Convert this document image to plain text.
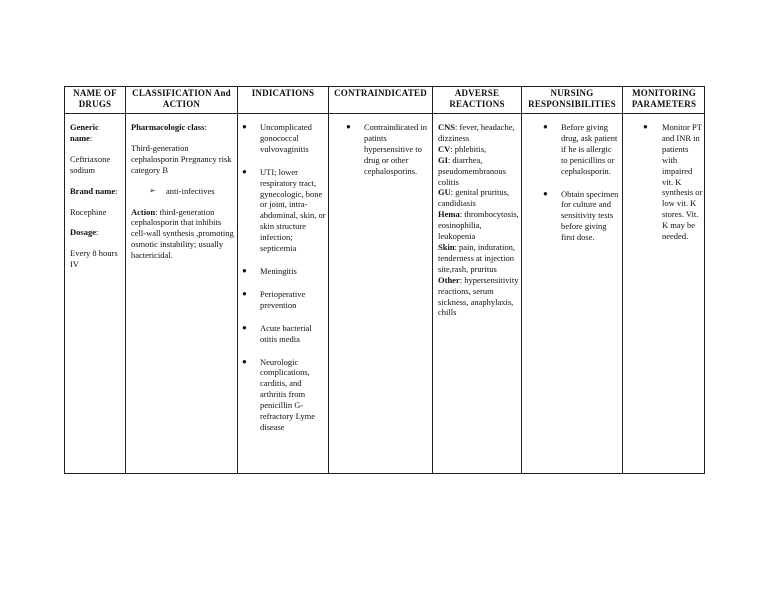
NAME OF DRUGS
CLASSIFICATION And ACTION
INDICATIONS	CONTRAINDICATED	ADVERSE REACTIONS
NURSING RESPONSIBILITIES
MONITORING PARAMETERS
Generic name:
Ceftriaxone sodium
Brand name:
Rocephine
Dosage:
Every 8 hours IV
Pharmacologic class:
Third-generation cephalosporin Pregnancy risk category B
➢ anti-infectives
Action: third-generation cephalosporin that inhibits cell-wall synthesis ,promoting osmotic instability; usually bactericidal.
● Uncomplicated gonococcal vulvovaginitis
● UTI; lower respiratory tract, gynecologic, bone or joint, intra-abdominal, skin, or skin structure infection; septicemia
● Meningitis
● Perioperative prevention
● Acute bacterial otitis media
● Neurologic complications, carditis, and arthritis from penicillin G-refractory Lyme disease
● Contraindicated in patints hypersensitive to drug or other cephalosporins.
CNS: fever, headache, dizziness
CV: phlebitis,
GI: diarrhea, pseudomembranous colitis
GU: genital pruritus, candidiasis
Hema: thrombocytosis, eosinophilia, leukopenia
Skin: pain, induration, tenderness at injection site,rash, pruritus
Other: hypersensitivity reactions, serum sickness, anaphylaxis, chills
● Before giving drug, ask patient if he is allergic to penicillins or cephalosporin.
● Obtain specimen for culture and sensitivity tests before giving first dose.
● Monitor PT and INR in patients with impaired vit. K synthesis or low vit. K stores. Vit. K may be needed.
